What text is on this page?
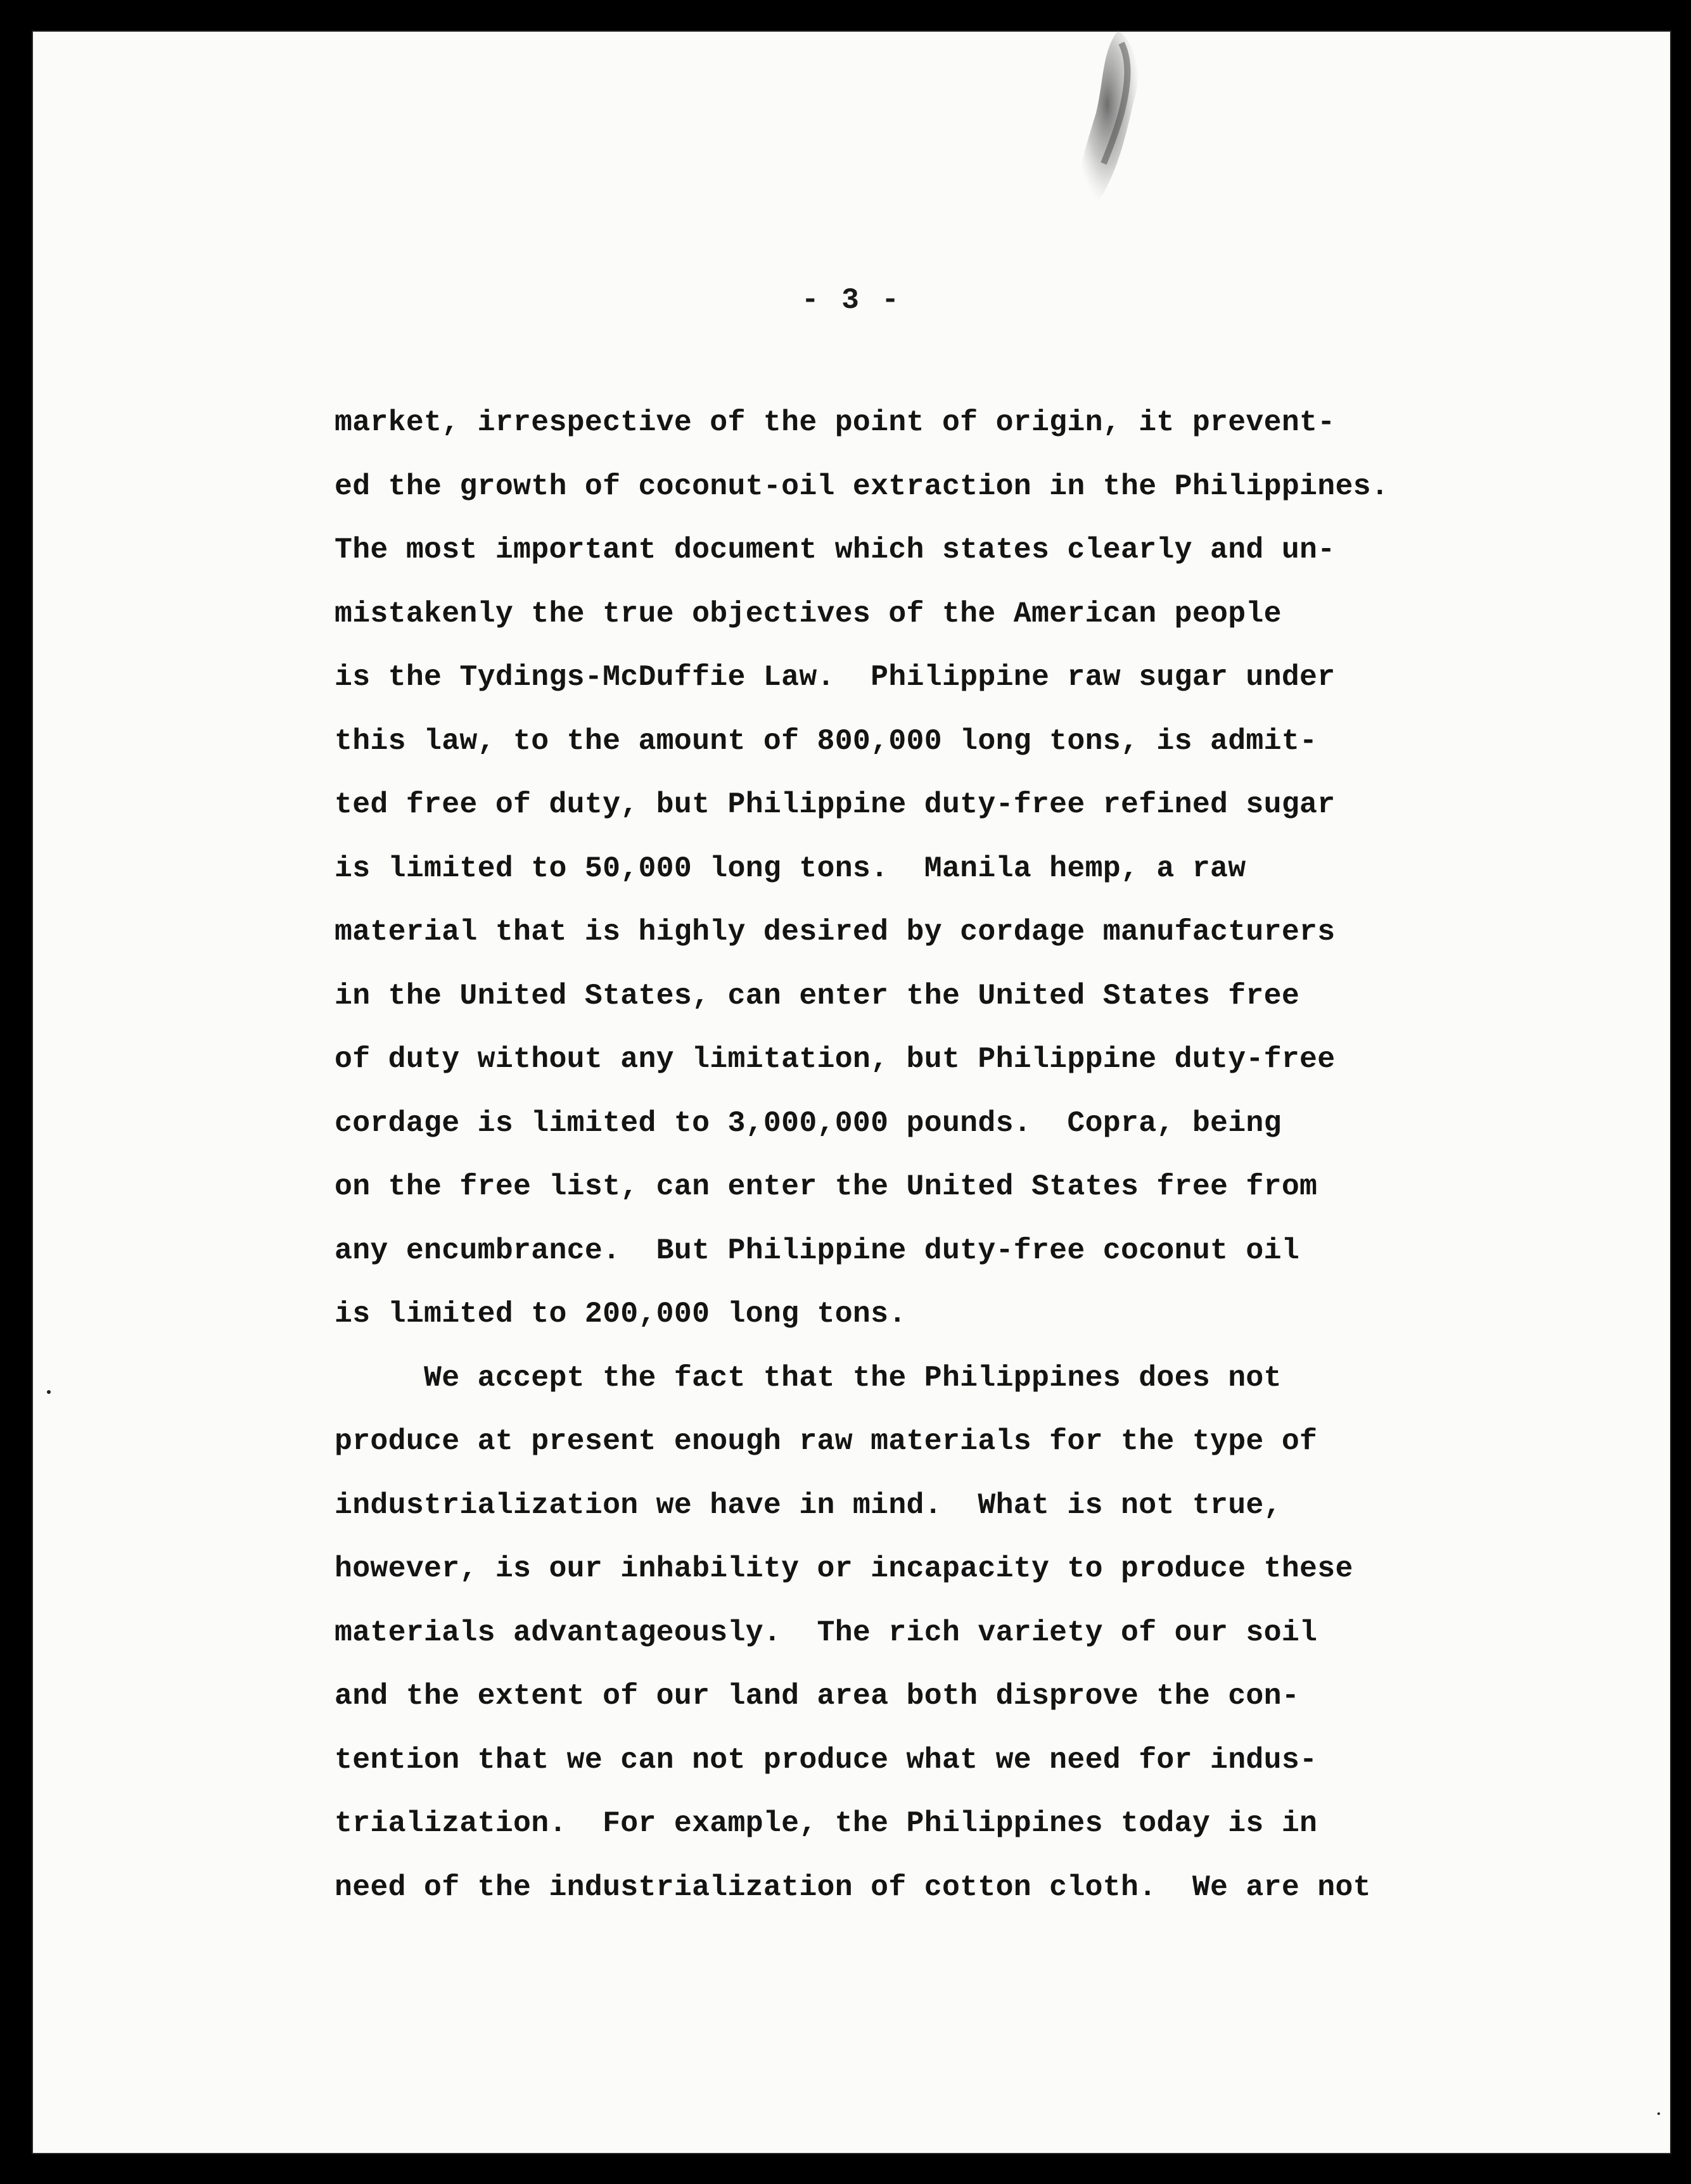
- 3 -
market, irrespective of the point of origin, it prevent-
ed the growth of coconut-oil extraction in the Philippines.
The most important document which states clearly and un-
mistakenly the true objectives of the American people
is the Tydings-McDuffie Law.  Philippine raw sugar under
this law, to the amount of 800,000 long tons, is admit-
ted free of duty, but Philippine duty-free refined sugar
is limited to 50,000 long tons.  Manila hemp, a raw
material that is highly desired by cordage manufacturers
in the United States, can enter the United States free
of duty without any limitation, but Philippine duty-free
cordage is limited to 3,000,000 pounds.  Copra, being
on the free list, can enter the United States free from
any encumbrance.  But Philippine duty-free coconut oil
is limited to 200,000 long tons.
We accept the fact that the Philippines does not
produce at present enough raw materials for the type of
industrialization we have in mind.  What is not true,
however, is our inhability or incapacity to produce these
materials advantageously.  The rich variety of our soil
and the extent of our land area both disprove the con-
tention that we can not produce what we need for indus-
trialization.  For example, the Philippines today is in
need of the industrialization of cotton cloth.  We are not
